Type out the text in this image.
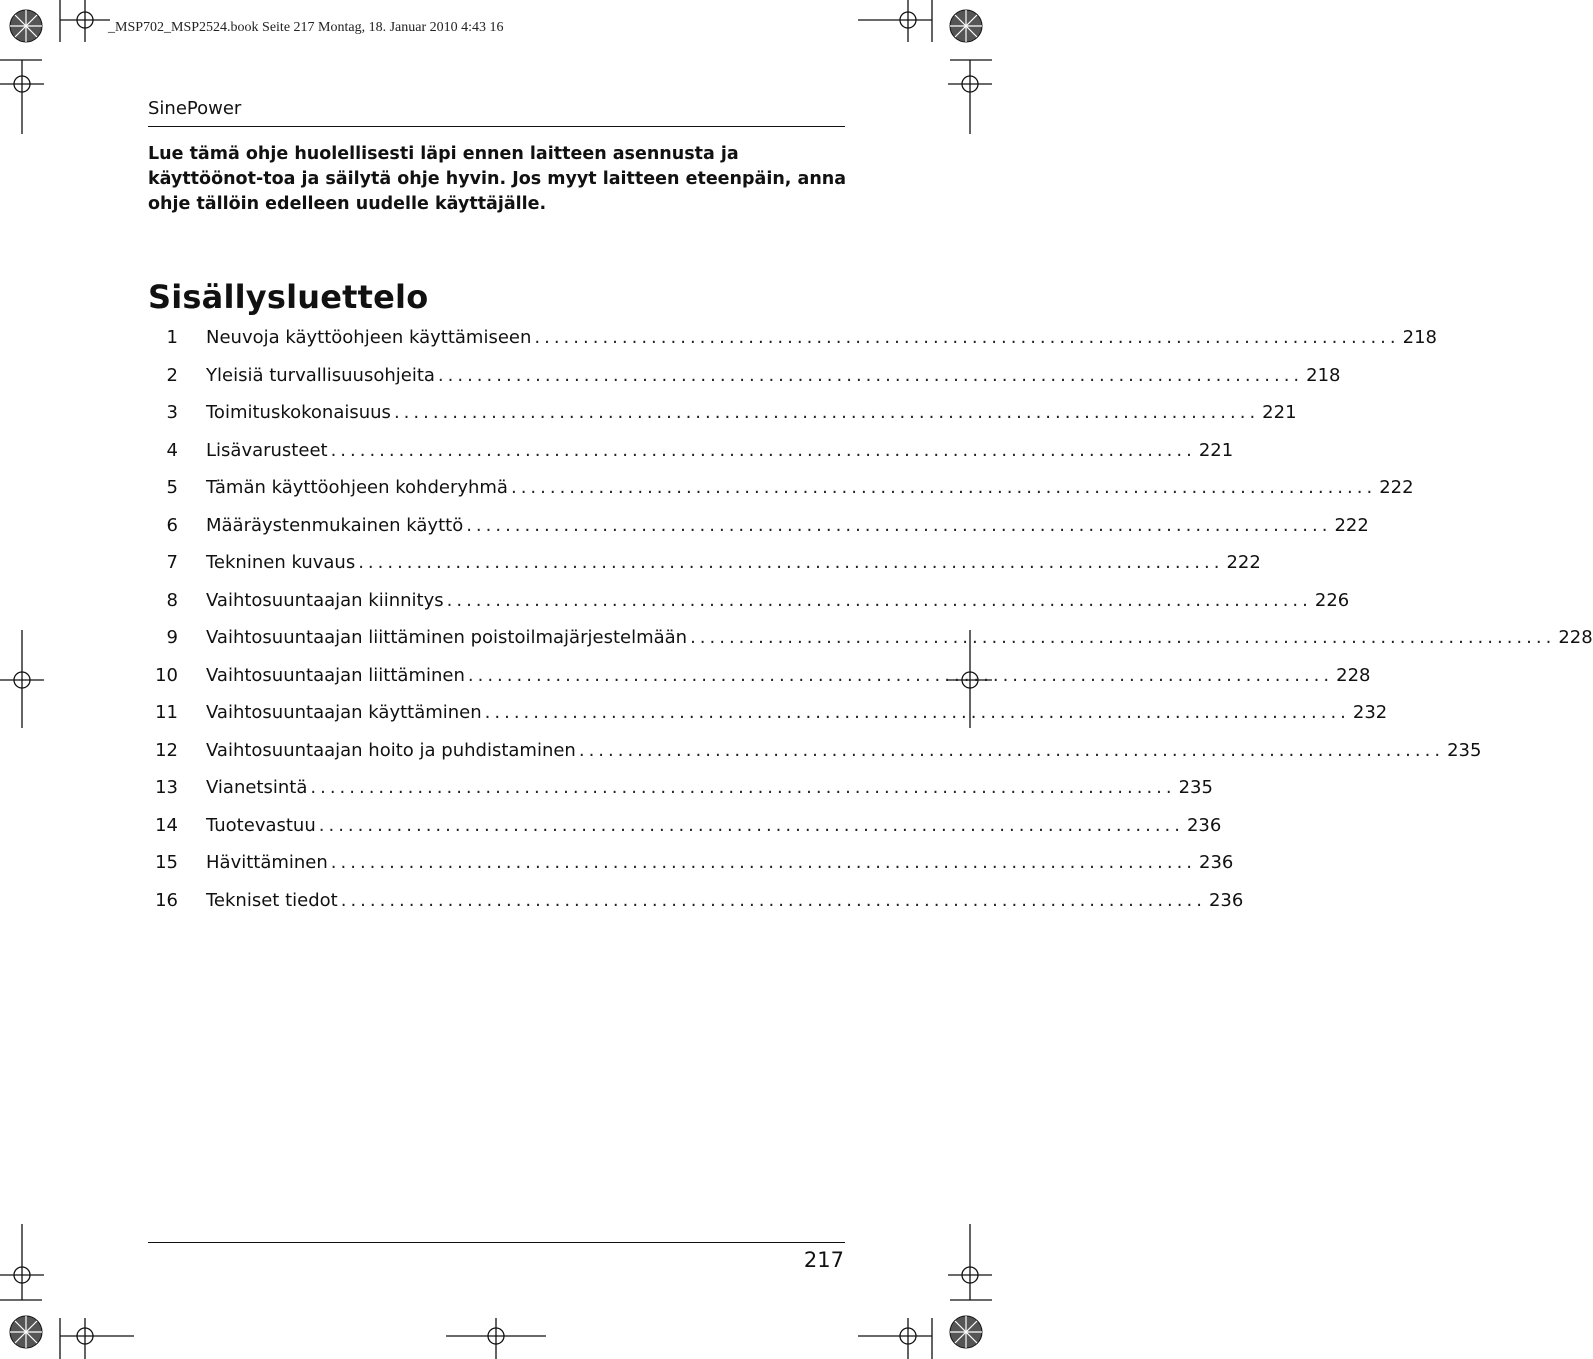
_MSP702_MSP2524.book Seite 217 Montag, 18. Januar 2010 4:43 16
SinePower

Lue tämä ohje huolellisesti läpi ennen laitteen asennusta ja käyttöönot-toa ja säilytä ohje hyvin. Jos myyt laitteen eteenpäin, anna ohje tällöin edelleen uudelle käyttäjälle.

Sisällysluettelo
1 Neuvoja käyttöohjeen käyttämiseen ......................................................................................... 218
2 Yleisiä turvallisuusohjeita ......................................................................................... 218
3 Toimituskokonaisuus ......................................................................................... 221
4 Lisävarusteet ......................................................................................... 221
5 Tämän käyttöohjeen kohderyhmä ......................................................................................... 222
6 Määräystenmukainen käyttö ......................................................................................... 222
7 Tekninen kuvaus ......................................................................................... 222
8 Vaihtosuuntaajan kiinnitys ......................................................................................... 226
9 Vaihtosuuntaajan liittäminen poistoilmajärjestelmään ......................................................................................... 228
10 Vaihtosuuntaajan liittäminen ......................................................................................... 228
11 Vaihtosuuntaajan käyttäminen ......................................................................................... 232
12 Vaihtosuuntaajan hoito ja puhdistaminen ......................................................................................... 235
13 Vianetsintä ......................................................................................... 235
14 Tuotevastuu ......................................................................................... 236
15 Hävittäminen ......................................................................................... 236
16 Tekniset tiedot ......................................................................................... 236
217
